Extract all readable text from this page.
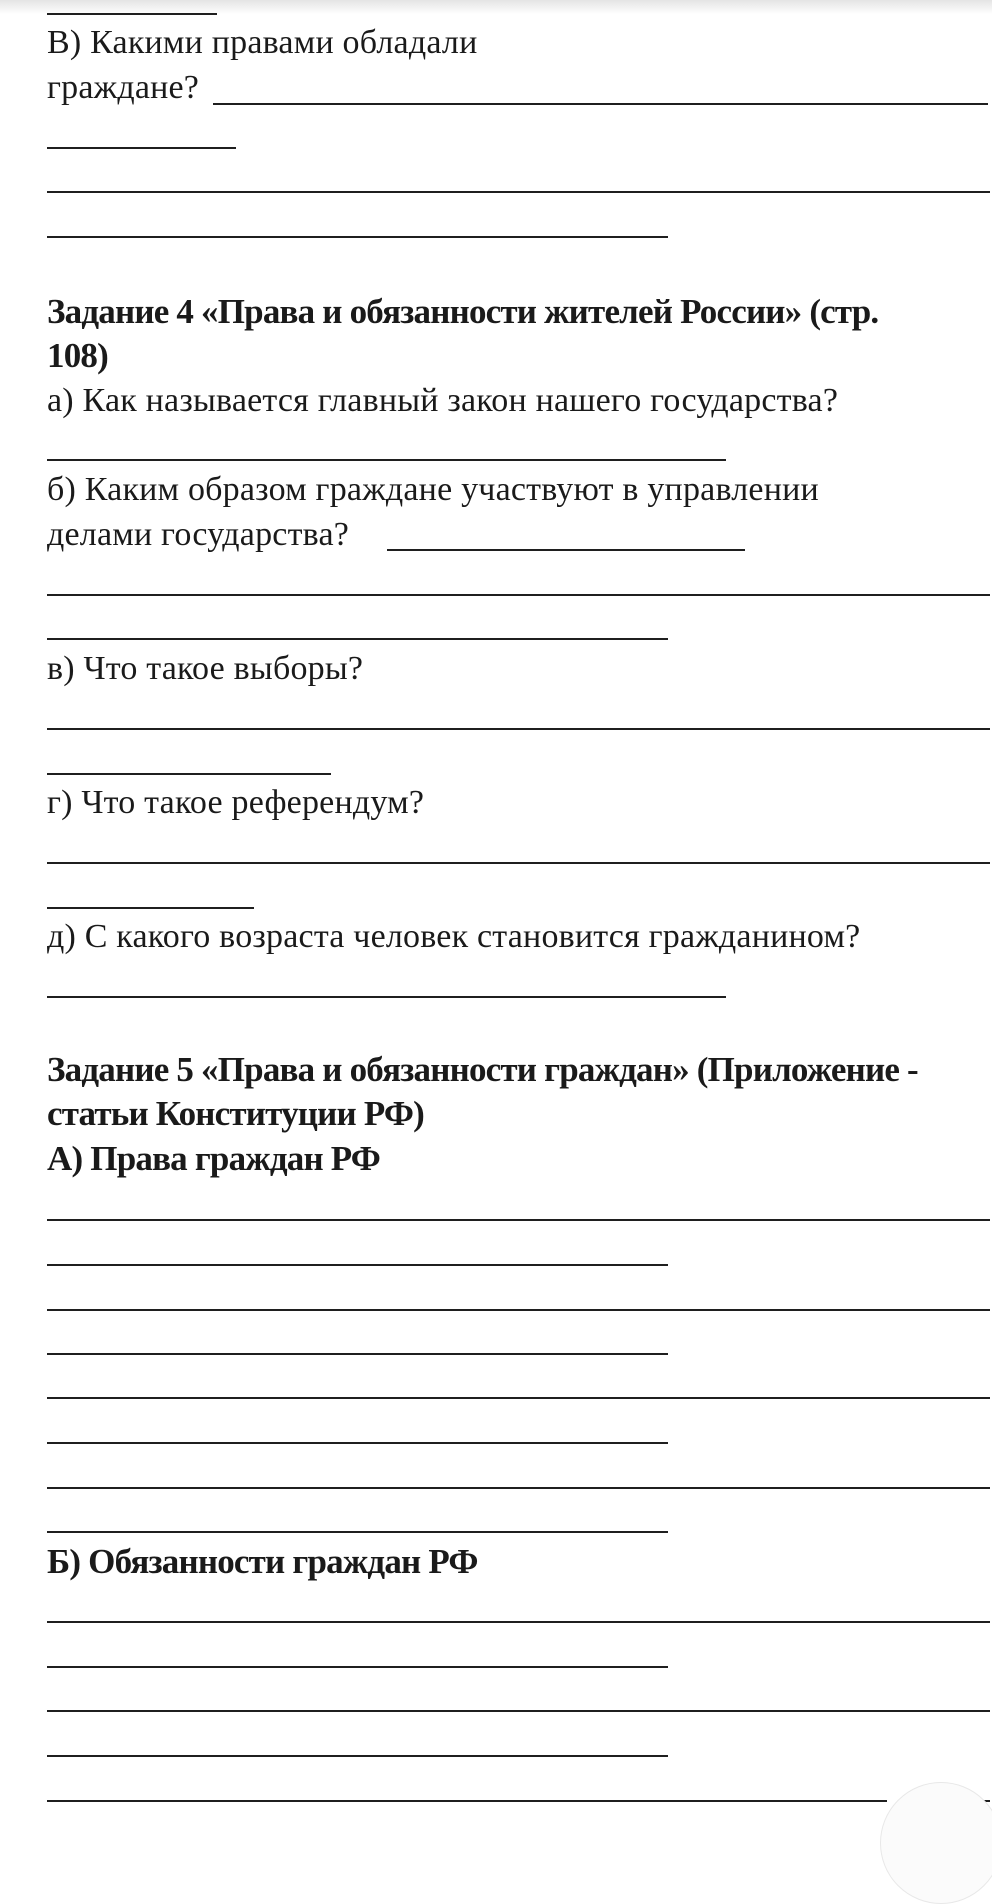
В) Какими правами обладали
граждане?
Задание 4 «Права и обязанности жителей России» (стр.
108)
а) Как называется главный закон нашего государства?
б) Каким образом граждане участвуют в управлении
делами государства?
в) Что такое выборы?
г) Что такое референдум?
д) С какого возраста человек становится гражданином?
Задание 5 «Права и обязанности граждан» (Приложение -
статьи Конституции РФ)
А) Права граждан РФ
Б) Обязанности граждан РФ
